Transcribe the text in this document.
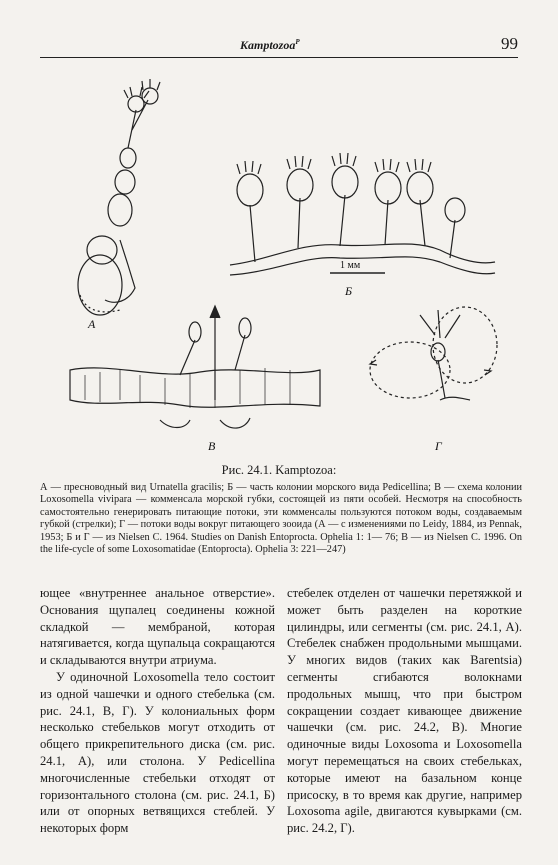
Kamptozoa$^P$	99
А
Б
В	Г
1 мм
Рис. 24.1. Kamptozoa:
А — пресноводный вид Urnatella gracilis; Б — часть колонии морского вида Pedicellina; В — схема колонии Loxosomella vivipara — комменсала морской губки, состоящей из пяти особей. Несмотря на способность самостоятельно генерировать питающие потоки, эти комменсалы пользуются потоком воды, создаваемым губкой (стрелки); Г — потоки воды вокруг питающего зооида (А — с изменениями по Leidy, 1884, из Pennak, 1953; Б и Г — из Nielsen C. 1964. Studies on Danish Entoprocta. Ophelia 1: 1— 76; В — из Nielsen C. 1996. On the life-cycle of some Loxosomatidae (Entoprocta). Ophelia 3: 221—247)

ющее «внутреннее анальное отверстие». Основания щупалец соединены кожной складкой — мембраной, которая натягивается, когда щупальца сокращаются и складываются внутри атриума.

У одиночной Loxosomella тело состоит из одной чашечки и одного стебелька (см. рис. 24.1, В, Г). У колониальных форм несколько стебельков могут отходить от общего прикрепительного диска (см. рис. 24.1, А), или столона. У Pedicellina многочисленные стебельки отходят от горизонтального столона (см. рис. 24.1, Б) или от опорных ветвящихся стеблей. У некоторых форм

стебелек отделен от чашечки перетяжкой и может быть разделен на короткие цилиндры, или сегменты (см. рис. 24.1, А). Стебелек снабжен продольными мышцами. У многих видов (таких как Barentsia) сегменты сгибаются волокнами продольных мышц, что при быстром сокращении создает кивающее движение чашечки (см. рис. 24.2, В). Многие одиночные виды Loxosoma и Loxosomella могут перемещаться на своих стебельках, которые имеют на базальном конце присоску, в то время как другие, например Loxosoma agile, двигаются кувырками (см. рис. 24.2, Г).
